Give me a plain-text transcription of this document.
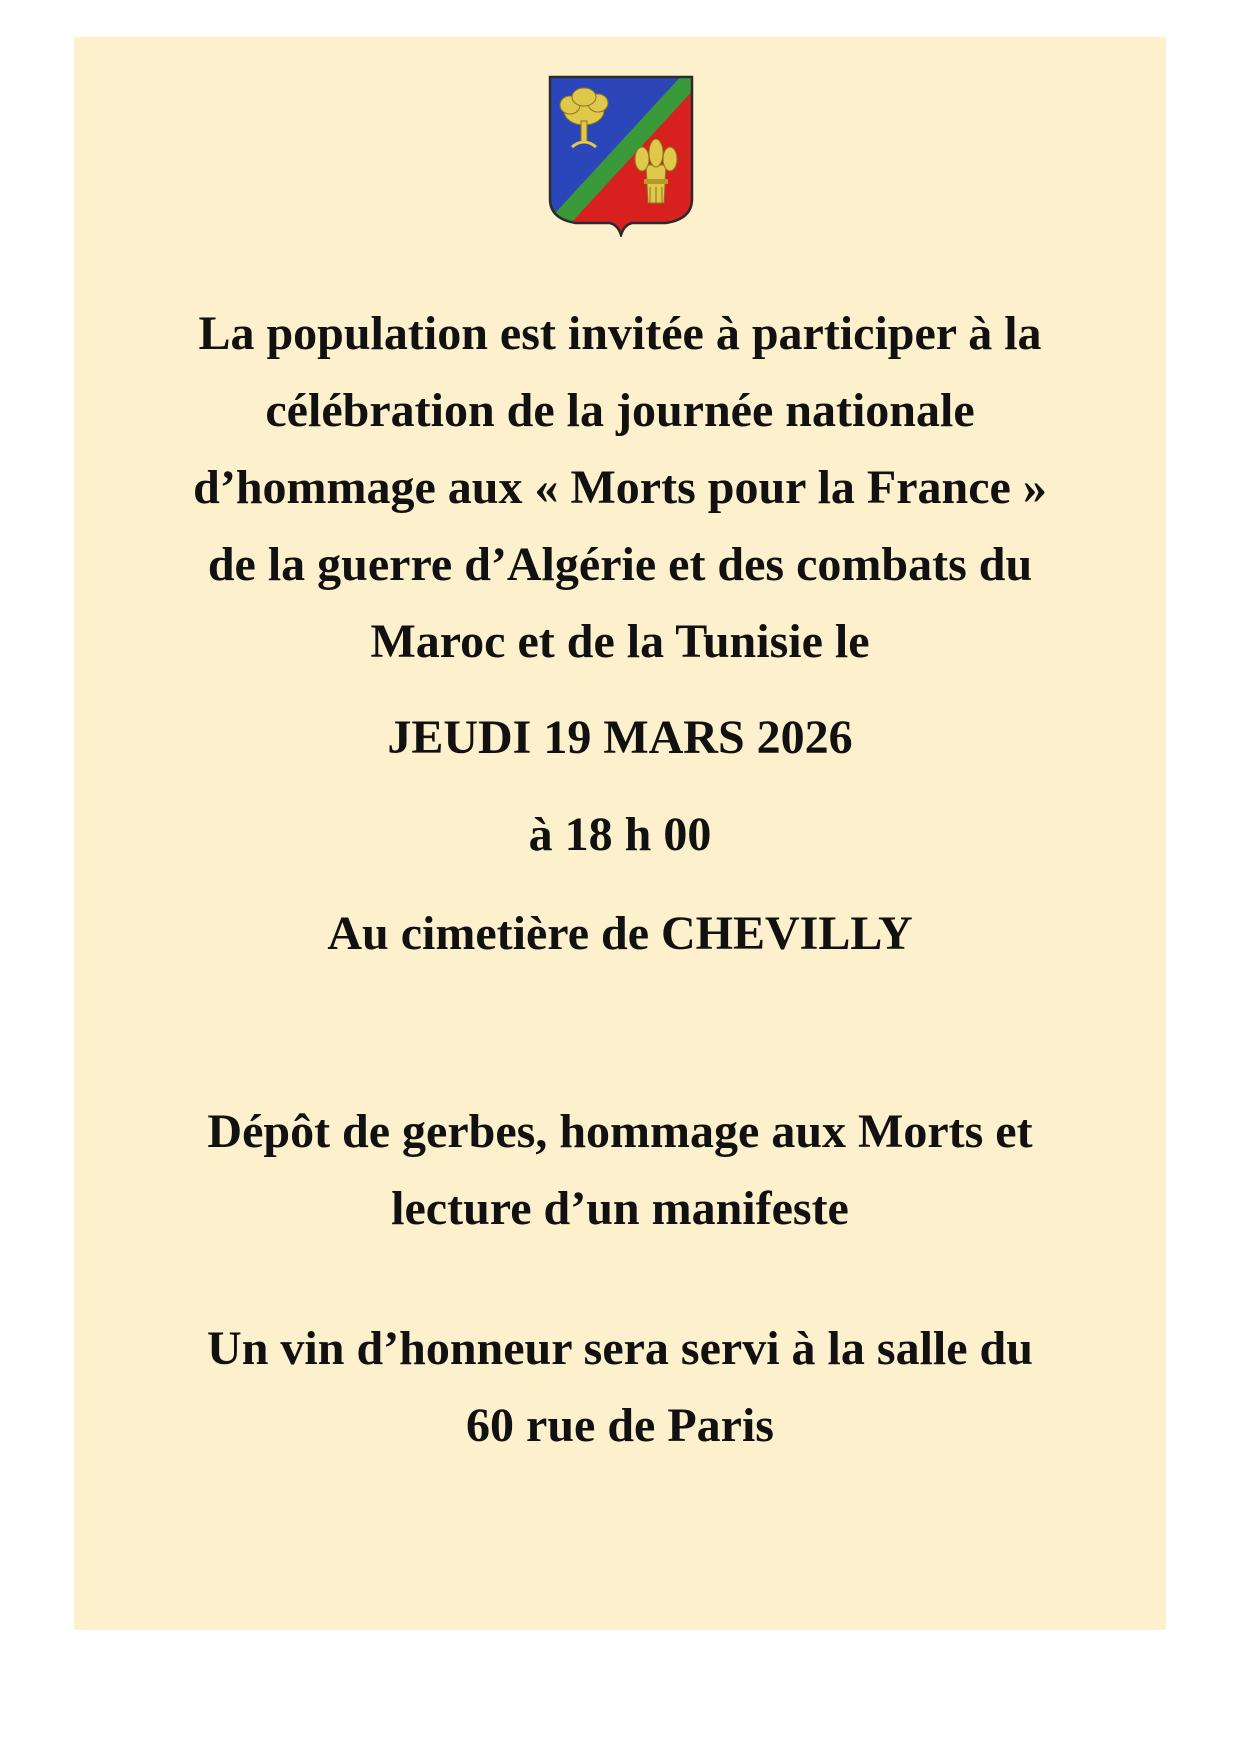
La population est invitée à participer à la
célébration de la journée nationale
d’hommage aux « Morts pour la France »
de la guerre d’Algérie et des combats du
Maroc et de la Tunisie le

JEUDI 19 MARS 2026

à 18 h 00

Au cimetière de CHEVILLY

Dépôt de gerbes, hommage aux Morts et
lecture d’un manifeste

Un vin d’honneur sera servi à la salle du
60 rue de Paris
